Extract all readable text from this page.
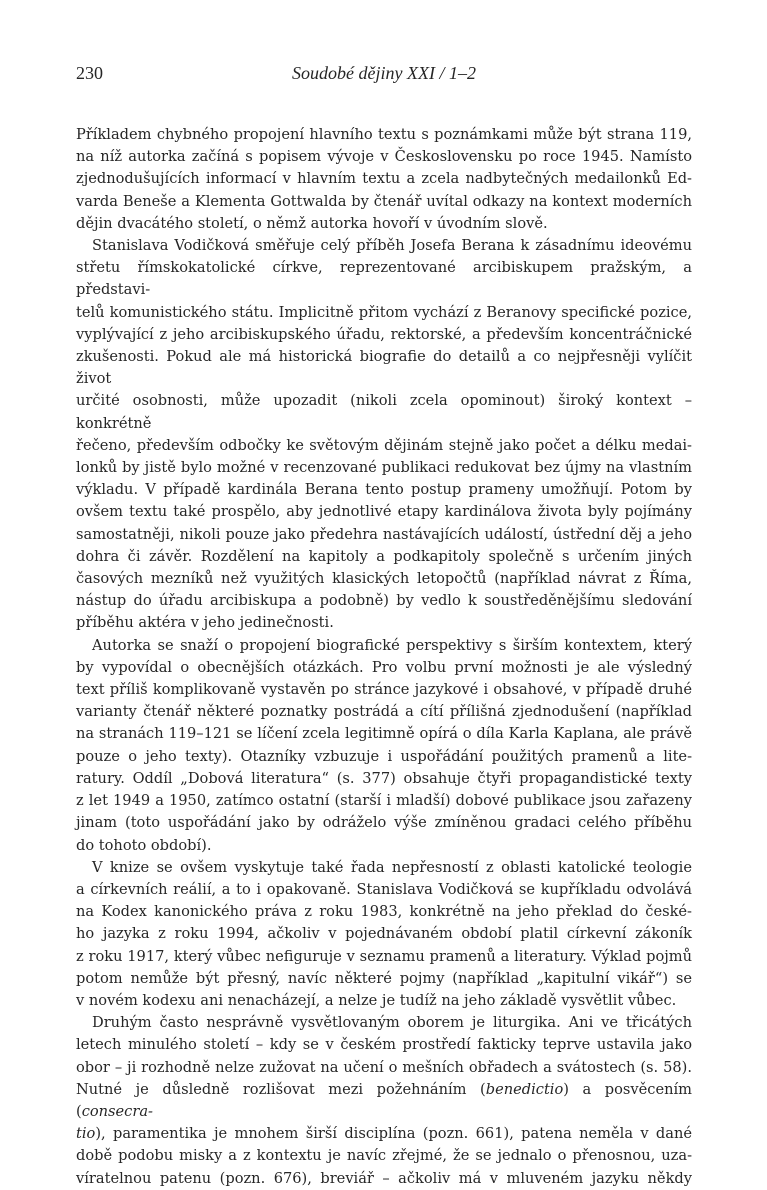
230	Soudobé dějiny XXI / 1–2

Příkladem chybného propojení hlavního textu s poznámkami může být strana 119,

na níž autorka začíná s popisem vývoje v Československu po roce 1945. Namísto

zjednodušujících informací v hlavním textu a zcela nadbytečných medailonků Ed-

varda Beneše a Klementa Gottwalda by čtenář uvítal odkazy na kontext moderních

dějin dvacátého století, o němž autorka hovoří v úvodním slově.

Stanislava Vodičková směřuje celý příběh Josefa Berana k zásadnímu ideovému

střetu římskokatolické církve, reprezentované arcibiskupem pražským, a představi-

telů komunistického státu. Implicitně přitom vychází z Beranovy specifické pozice,

vyplývající z jeho arcibiskupského úřadu, rektorské, a především koncentráčnické

zkušenosti. Pokud ale má historická biografie do detailů a co nejpřesněji vylíčit život

určité osobnosti, může upozadit (nikoli zcela opominout) široký kontext – konkrétně

řečeno, především odbočky ke světovým dějinám stejně jako počet a délku medai-

lonků by jistě bylo možné v recenzované publikaci redukovat bez újmy na vlastním

výkladu. V případě kardinála Berana tento postup prameny umožňují. Potom by

ovšem textu také prospělo, aby jednotlivé etapy kardinálova života byly pojímány

samostatněji, nikoli pouze jako předehra nastávajících událostí, ústřední děj a jeho

dohra či závěr. Rozdělení na kapitoly a podkapitoly společně s určením jiných

časových mezníků než využitých klasických letopočtů (například návrat z Říma,

nástup do úřadu arcibiskupa a podobně) by vedlo k soustředěnějšímu sledování

příběhu aktéra v jeho jedinečnosti.

Autorka se snaží o propojení biografické perspektivy s širším kontextem, který

by vypovídal o obecnějších otázkách. Pro volbu první možnosti je ale výsledný

text příliš komplikovaně vystavěn po stránce jazykové i obsahové, v případě druhé

varianty čtenář některé poznatky postrádá a cítí přílišná zjednodušení (například

na stranách 119–121 se líčení zcela legitimně opírá o díla Karla Kaplana, ale právě

pouze o jeho texty). Otazníky vzbuzuje i uspořádání použitých pramenů a lite-

ratury. Oddíl „Dobová literatura“ (s. 377) obsahuje čtyři propagandistické texty

z let 1949 a 1950, zatímco ostatní (starší i mladší) dobové publikace jsou zařazeny

jinam (toto uspořádání jako by odráželo výše zmíněnou gradaci celého příběhu

do tohoto období).

V knize se ovšem vyskytuje také řada nepřesností z oblasti katolické teologie

a církevních reálií, a to i opakovaně. Stanislava Vodičková se kupříkladu odvolává

na Kodex kanonického práva z roku 1983, konkrétně na jeho překlad do české-

ho jazyka z roku 1994, ačkoliv v pojednávaném období platil církevní zákoník

z roku 1917, který vůbec nefiguruje v seznamu pramenů a literatury. Výklad pojmů

potom nemůže být přesný, navíc některé pojmy (například „kapitulní vikář“) se

v novém kodexu ani nenacházejí, a nelze je tudíž na jeho základě vysvětlit vůbec.

Druhým často nesprávně vysvětlovaným oborem je liturgika. Ani ve třicátých

letech minulého století – kdy se v českém prostředí fakticky teprve ustavila jako

obor – ji rozhodně nelze zužovat na učení o mešních obřadech a svátostech (s. 58).

Nutné je důsledně rozlišovat mezi požehnáním (benedictio) a posvěcením (consecra-

tio), paramentika je mnohem širší disciplína (pozn. 661), patena neměla v dané

době podobu misky a z kontextu je navíc zřejmé, že se jednalo o přenosnou, uza-

víratelnou patenu (pozn. 676), breviář – ačkoliv má v mluveném jazyku někdy
